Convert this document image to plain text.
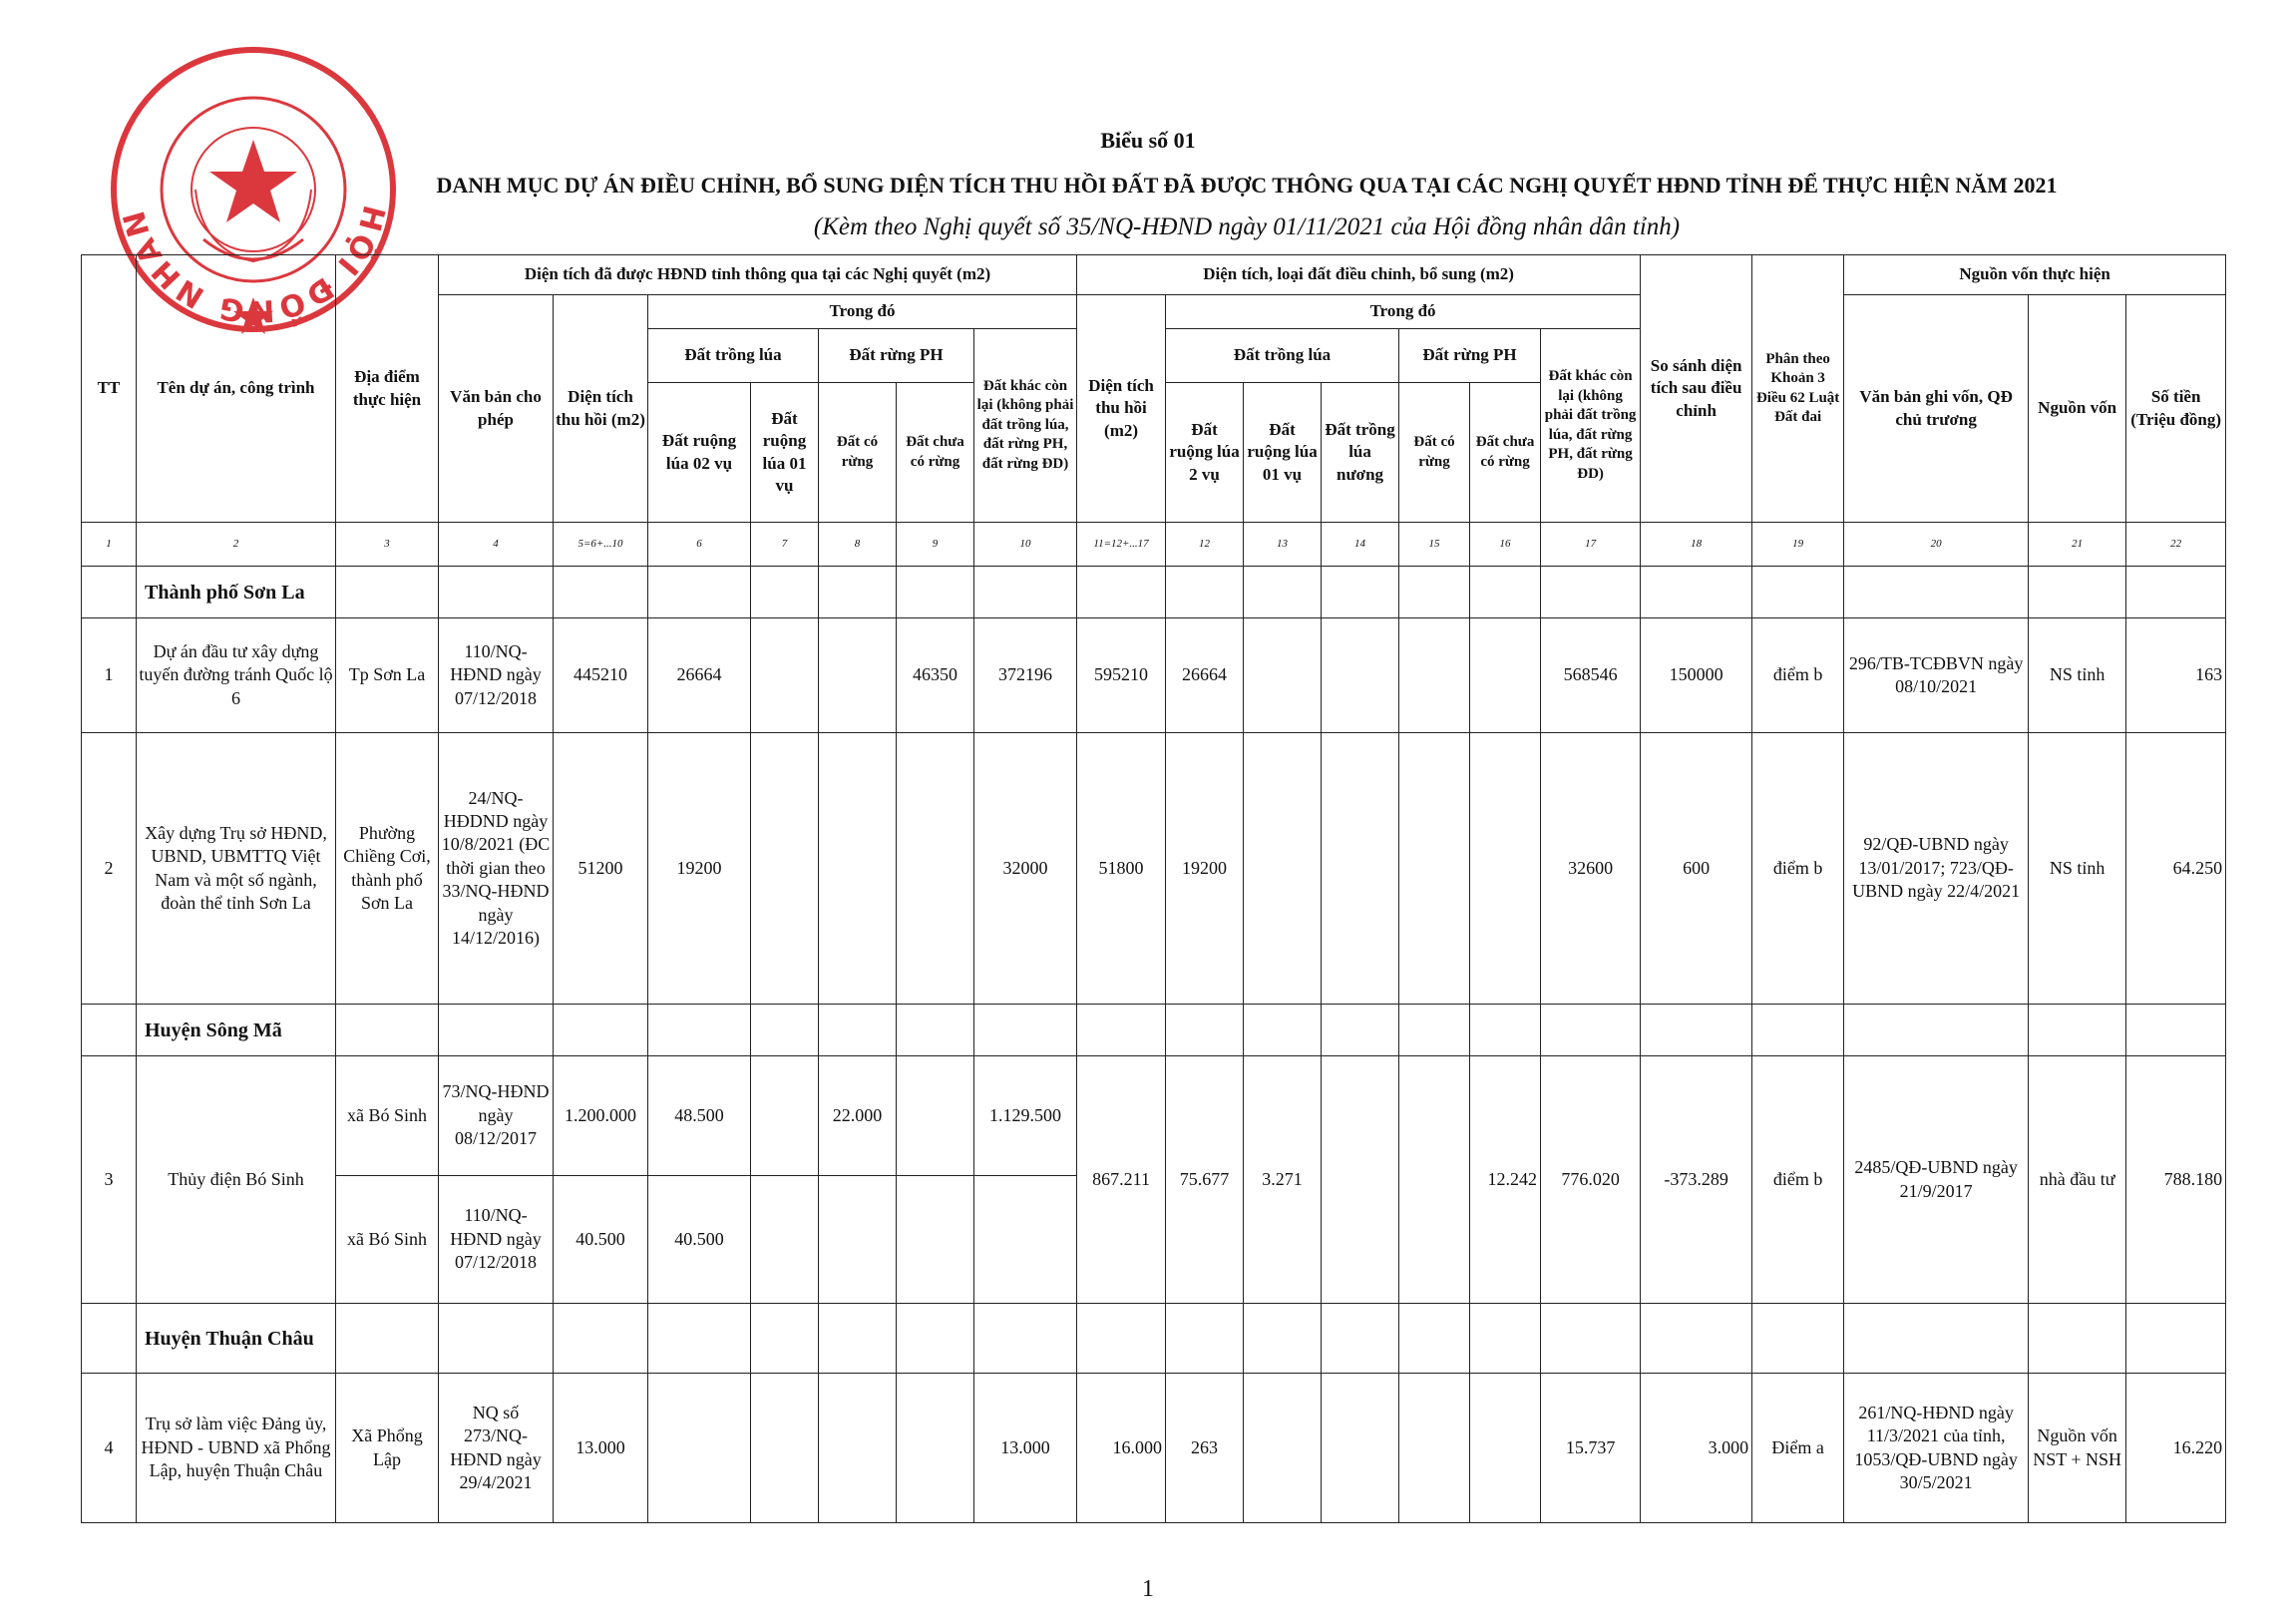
HỘI ĐỒNG NHÂN
Biểu số 01
DANH MỤC DỰ ÁN ĐIỀU CHỈNH, BỔ SUNG DIỆN TÍCH THU HỒI ĐẤT ĐÃ ĐƯỢC THÔNG QUA TẠI CÁC NGHỊ QUYẾT HĐND TỈNH ĐỂ THỰC HIỆN NĂM 2021
(Kèm theo Nghị quyết số 35/NQ-HĐND ngày 01/11/2021 của Hội đồng nhân dân tỉnh)
TT	Tên dự án, công trình	Địa điểm thực hiện	Diện tích đã được HĐND tỉnh thông qua tại các Nghị quyết (m2)							Diện tích, loại đất điều chỉnh, bổ sung (m2)							So sánh diện tích sau điều chỉnh	Phân theo Khoản 3 Điều 62 Luật Đất đai	Nguồn vốn thực hiện		
			Văn bản cho phép	Diện tích thu hồi (m2)	Trong đó					Diện tích thu hồi (m2)	Trong đó								Văn bản ghi vốn, QĐ chủ trương	Nguồn vốn	Số tiền (Triệu đồng)
					Đất trồng lúa		Đất rừng PH		Đất khác còn lại (không phải đất trồng lúa, đất rừng PH, đất rừng ĐD)		Đất trồng lúa			Đất rừng PH		Đất khác còn lại (không phải đất trồng lúa, đất rừng PH, đất rừng ĐD)					
					Đất ruộng lúa 02 vụ	Đất ruộng lúa 01 vụ	Đất có rừng	Đất chưa có rừng			Đất ruộng lúa 2 vụ	Đất ruộng lúa 01 vụ	Đất trồng lúa nương	Đất có rừng	Đất chưa có rừng						
1	2	3	4	5=6+...10	6	7	8	9	10	11=12+...17	12	13	14	15	16	17	18	19	20	21	22
	Thành phố Sơn La																				
1	Dự án đầu tư xây dựng tuyến đường tránh Quốc lộ 6	Tp Sơn La	110/NQ-HĐND ngày 07/12/2018	445210	26664			46350	372196	595210	26664					568546	150000	điểm b	296/TB-TCĐBVN ngày 08/10/2021	NS tỉnh	163
2	Xây dựng Trụ sở HĐND, UBND, UBMTTQ Việt Nam và một số ngành, đoàn thể tỉnh Sơn La	Phường Chiềng Cơi, thành phố Sơn La	24/NQ-HĐDND ngày 10/8/2021 (ĐC thời gian theo 33/NQ-HĐND ngày 14/12/2016)	51200	19200				32000	51800	19200					32600	600	điểm b	92/QĐ-UBND ngày 13/01/2017; 723/QĐ-UBND ngày 22/4/2021	NS tỉnh	64.250
	Huyện Sông Mã																				
3	Thủy điện Bó Sinh	xã Bó Sinh	73/NQ-HĐND ngày 08/12/2017	1.200.000	48.500		22.000		1.129.500	867.211	75.677	3.271			12.242	776.020	-373.289	điểm b	2485/QĐ-UBND ngày 21/9/2017	nhà đầu tư	788.180
		xã Bó Sinh	110/NQ-HĐND ngày 07/12/2018	40.500	40.500																
	Huyện Thuận Châu																				
4	Trụ sở làm việc Đảng ủy, HĐND - UBND xã Phổng Lập, huyện Thuận Châu	Xã Phổng Lập	NQ số 273/NQ-HĐND ngày 29/4/2021	13.000					13.000	16.000	263					15.737	3.000	Điểm a	261/NQ-HĐND ngày 11/3/2021 của tỉnh, 1053/QĐ-UBND ngày 30/5/2021	Nguồn vốn NST + NSH	16.220
1
